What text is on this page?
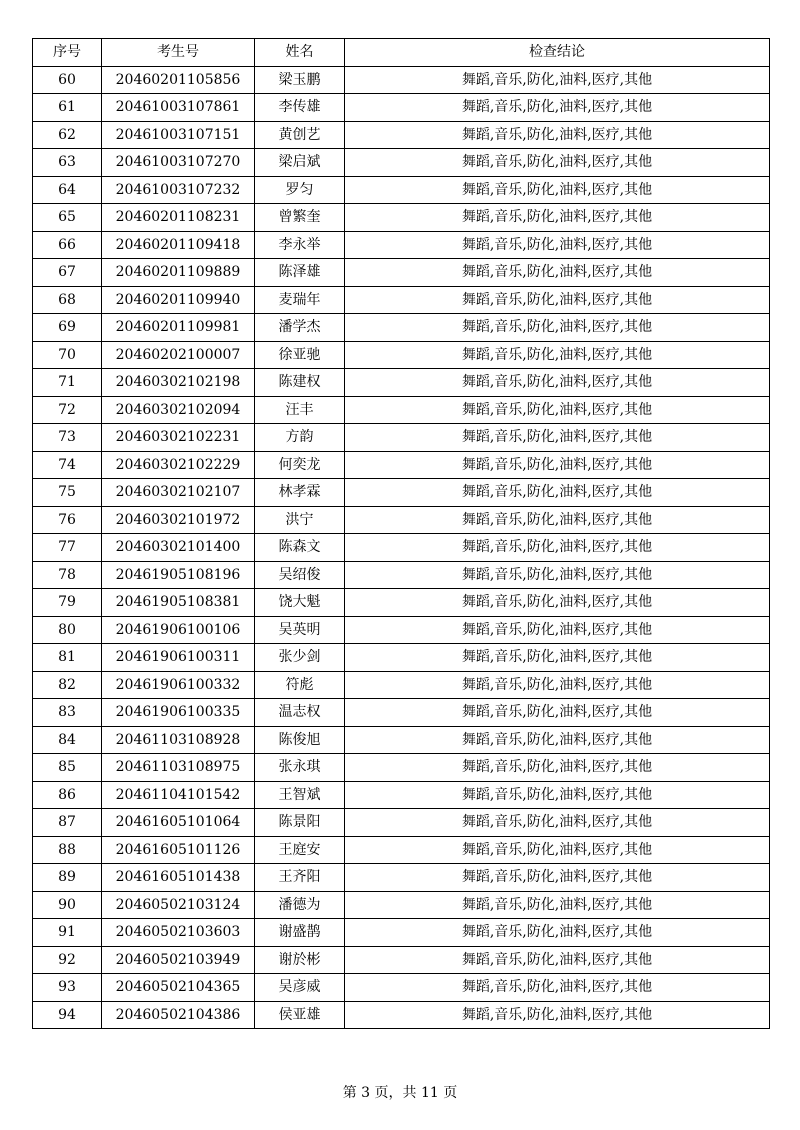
序号	考生号	姓名	检查结论
60	20460201105856	梁玉鹏	舞蹈,音乐,防化,油料,医疗,其他
61	20461003107861	李传雄	舞蹈,音乐,防化,油料,医疗,其他
62	20461003107151	黄创艺	舞蹈,音乐,防化,油料,医疗,其他
63	20461003107270	梁启斌	舞蹈,音乐,防化,油料,医疗,其他
64	20461003107232	罗匀	舞蹈,音乐,防化,油料,医疗,其他
65	20460201108231	曾繁奎	舞蹈,音乐,防化,油料,医疗,其他
66	20460201109418	李永举	舞蹈,音乐,防化,油料,医疗,其他
67	20460201109889	陈泽雄	舞蹈,音乐,防化,油料,医疗,其他
68	20460201109940	麦瑞年	舞蹈,音乐,防化,油料,医疗,其他
69	20460201109981	潘学杰	舞蹈,音乐,防化,油料,医疗,其他
70	20460202100007	徐亚驰	舞蹈,音乐,防化,油料,医疗,其他
71	20460302102198	陈建权	舞蹈,音乐,防化,油料,医疗,其他
72	20460302102094	汪丰	舞蹈,音乐,防化,油料,医疗,其他
73	20460302102231	方韵	舞蹈,音乐,防化,油料,医疗,其他
74	20460302102229	何奕龙	舞蹈,音乐,防化,油料,医疗,其他
75	20460302102107	林孝霖	舞蹈,音乐,防化,油料,医疗,其他
76	20460302101972	洪宁	舞蹈,音乐,防化,油料,医疗,其他
77	20460302101400	陈森文	舞蹈,音乐,防化,油料,医疗,其他
78	20461905108196	吴绍俊	舞蹈,音乐,防化,油料,医疗,其他
79	20461905108381	饶大魁	舞蹈,音乐,防化,油料,医疗,其他
80	20461906100106	吴英明	舞蹈,音乐,防化,油料,医疗,其他
81	20461906100311	张少剑	舞蹈,音乐,防化,油料,医疗,其他
82	20461906100332	符彪	舞蹈,音乐,防化,油料,医疗,其他
83	20461906100335	温志权	舞蹈,音乐,防化,油料,医疗,其他
84	20461103108928	陈俊旭	舞蹈,音乐,防化,油料,医疗,其他
85	20461103108975	张永琪	舞蹈,音乐,防化,油料,医疗,其他
86	20461104101542	王智斌	舞蹈,音乐,防化,油料,医疗,其他
87	20461605101064	陈景阳	舞蹈,音乐,防化,油料,医疗,其他
88	20461605101126	王庭安	舞蹈,音乐,防化,油料,医疗,其他
89	20461605101438	王齐阳	舞蹈,音乐,防化,油料,医疗,其他
90	20460502103124	潘德为	舞蹈,音乐,防化,油料,医疗,其他
91	20460502103603	谢盛鹊	舞蹈,音乐,防化,油料,医疗,其他
92	20460502103949	谢於彬	舞蹈,音乐,防化,油料,医疗,其他
93	20460502104365	吴彦威	舞蹈,音乐,防化,油料,医疗,其他
94	20460502104386	侯亚雄	舞蹈,音乐,防化,油料,医疗,其他
第 3 页，共 11 页
